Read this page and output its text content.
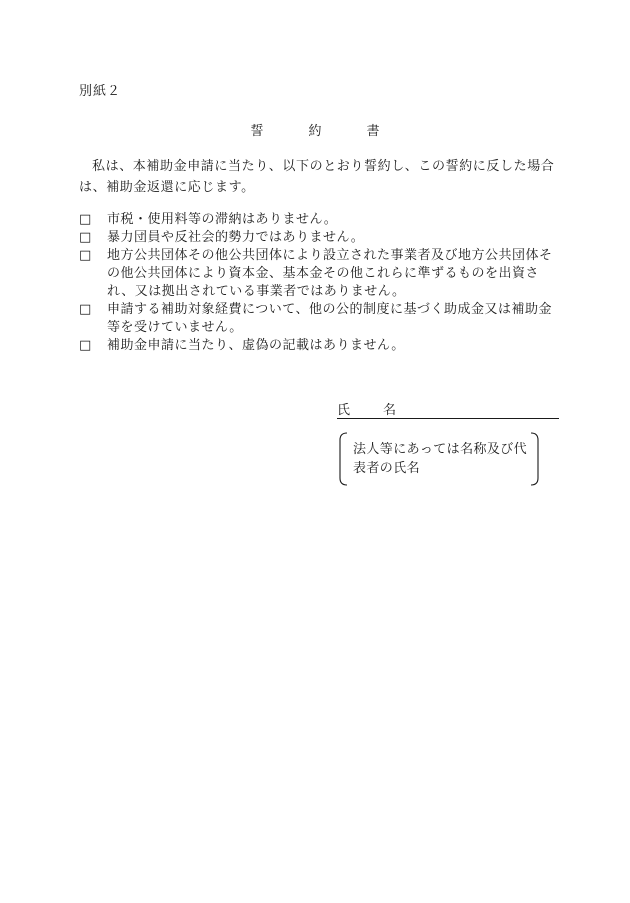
別紙２
誓　約　書
私は、本補助金申請に当たり、以下のとおり誓約し、この誓約に反した場合は、補助金返還に応じます。
□	市税・使用料等の滞納はありません。
□	暴力団員や反社会的勢力ではありません。
□	地方公共団体その他公共団体により設立された事業者及び地方公共団体その他公共団体により資本金、基本金その他これらに準ずるものを出資され、又は拠出されている事業者ではありません。
□	申請する補助対象経費について、他の公的制度に基づく助成金又は補助金等を受けていません。
□	補助金申請に当たり、虚偽の記載はありません。
氏　名
法人等にあっては名称及び代表者の氏名
